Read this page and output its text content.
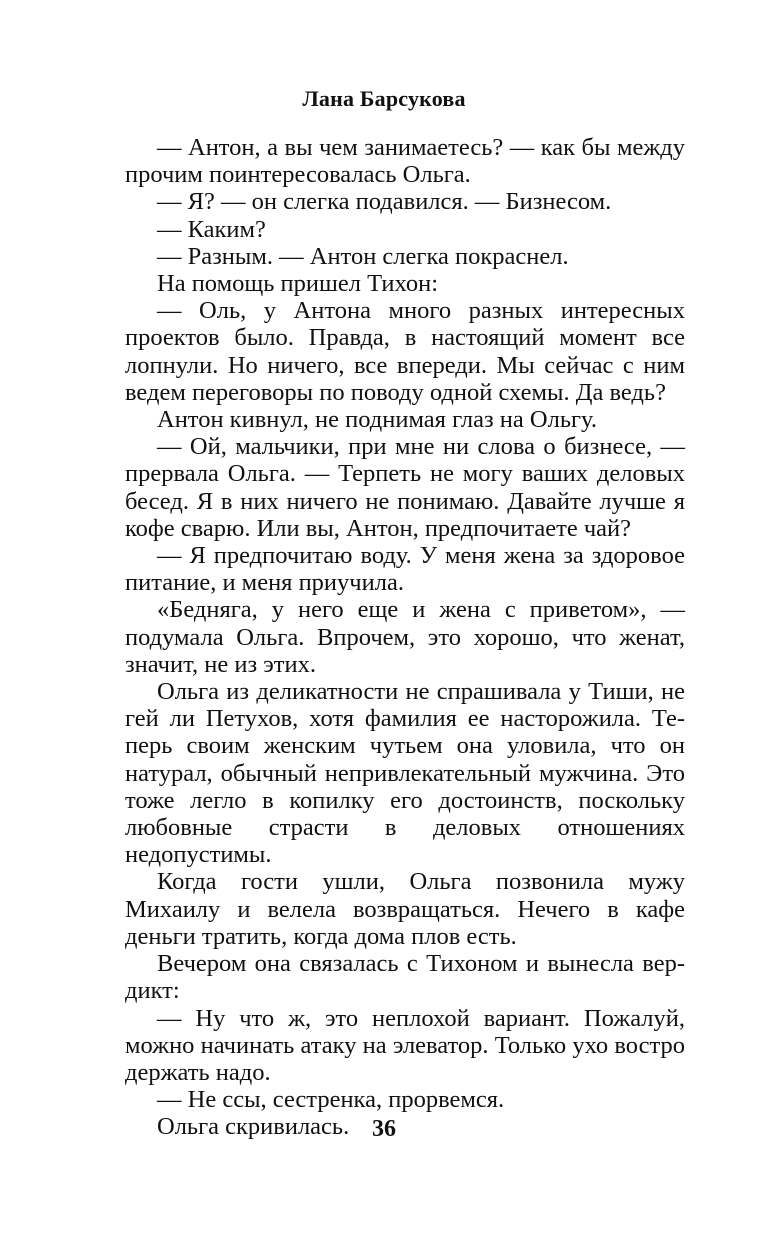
Лана Барсукова

— Антон, а вы чем занимаетесь? — как бы между прочим поинтересовалась Ольга.

— Я? — он слегка подавился. — Бизнесом.

— Каким?

— Разным. — Антон слегка покраснел.

На помощь пришел Тихон:

— Оль, у Антона много разных интересных проектов было. Правда, в настоящий момент все лопнули. Но ничего, все впереди. Мы сейчас с ним ведем переговоры по поводу одной схемы. Да ведь?

Антон кивнул, не поднимая глаз на Ольгу.

— Ой, мальчики, при мне ни слова о бизнесе, — прервала Ольга. — Терпеть не могу ваших деловых бесед. Я в них ничего не понимаю. Давайте лучше я кофе сварю. Или вы, Антон, предпочитаете чай?

— Я предпочитаю воду. У меня жена за здоровое питание, и меня приучила.

«Бедняга, у него еще и жена с приветом», — подумала Ольга. Впрочем, это хорошо, что женат, значит, не из этих.

Ольга из деликатности не спрашивала у Тиши, не гей ли Петухов, хотя фамилия ее насторожила. Теперь своим женским чутьем она уловила, что он натурал, обычный непривлекательный мужчина. Это тоже легло в копилку его достоинств, поскольку любовные страсти в деловых отношениях недопустимы.

Когда гости ушли, Ольга позвонила мужу Михаилу и велела возвращаться. Нечего в кафе деньги тратить, когда дома плов есть.

Вечером она связалась с Тихоном и вынесла вердикт:

— Ну что ж, это неплохой вариант. Пожалуй, можно начинать атаку на элеватор. Только ухо востро держать надо.

— Не ссы, сестренка, прорвемся.

Ольга скривилась. 36
